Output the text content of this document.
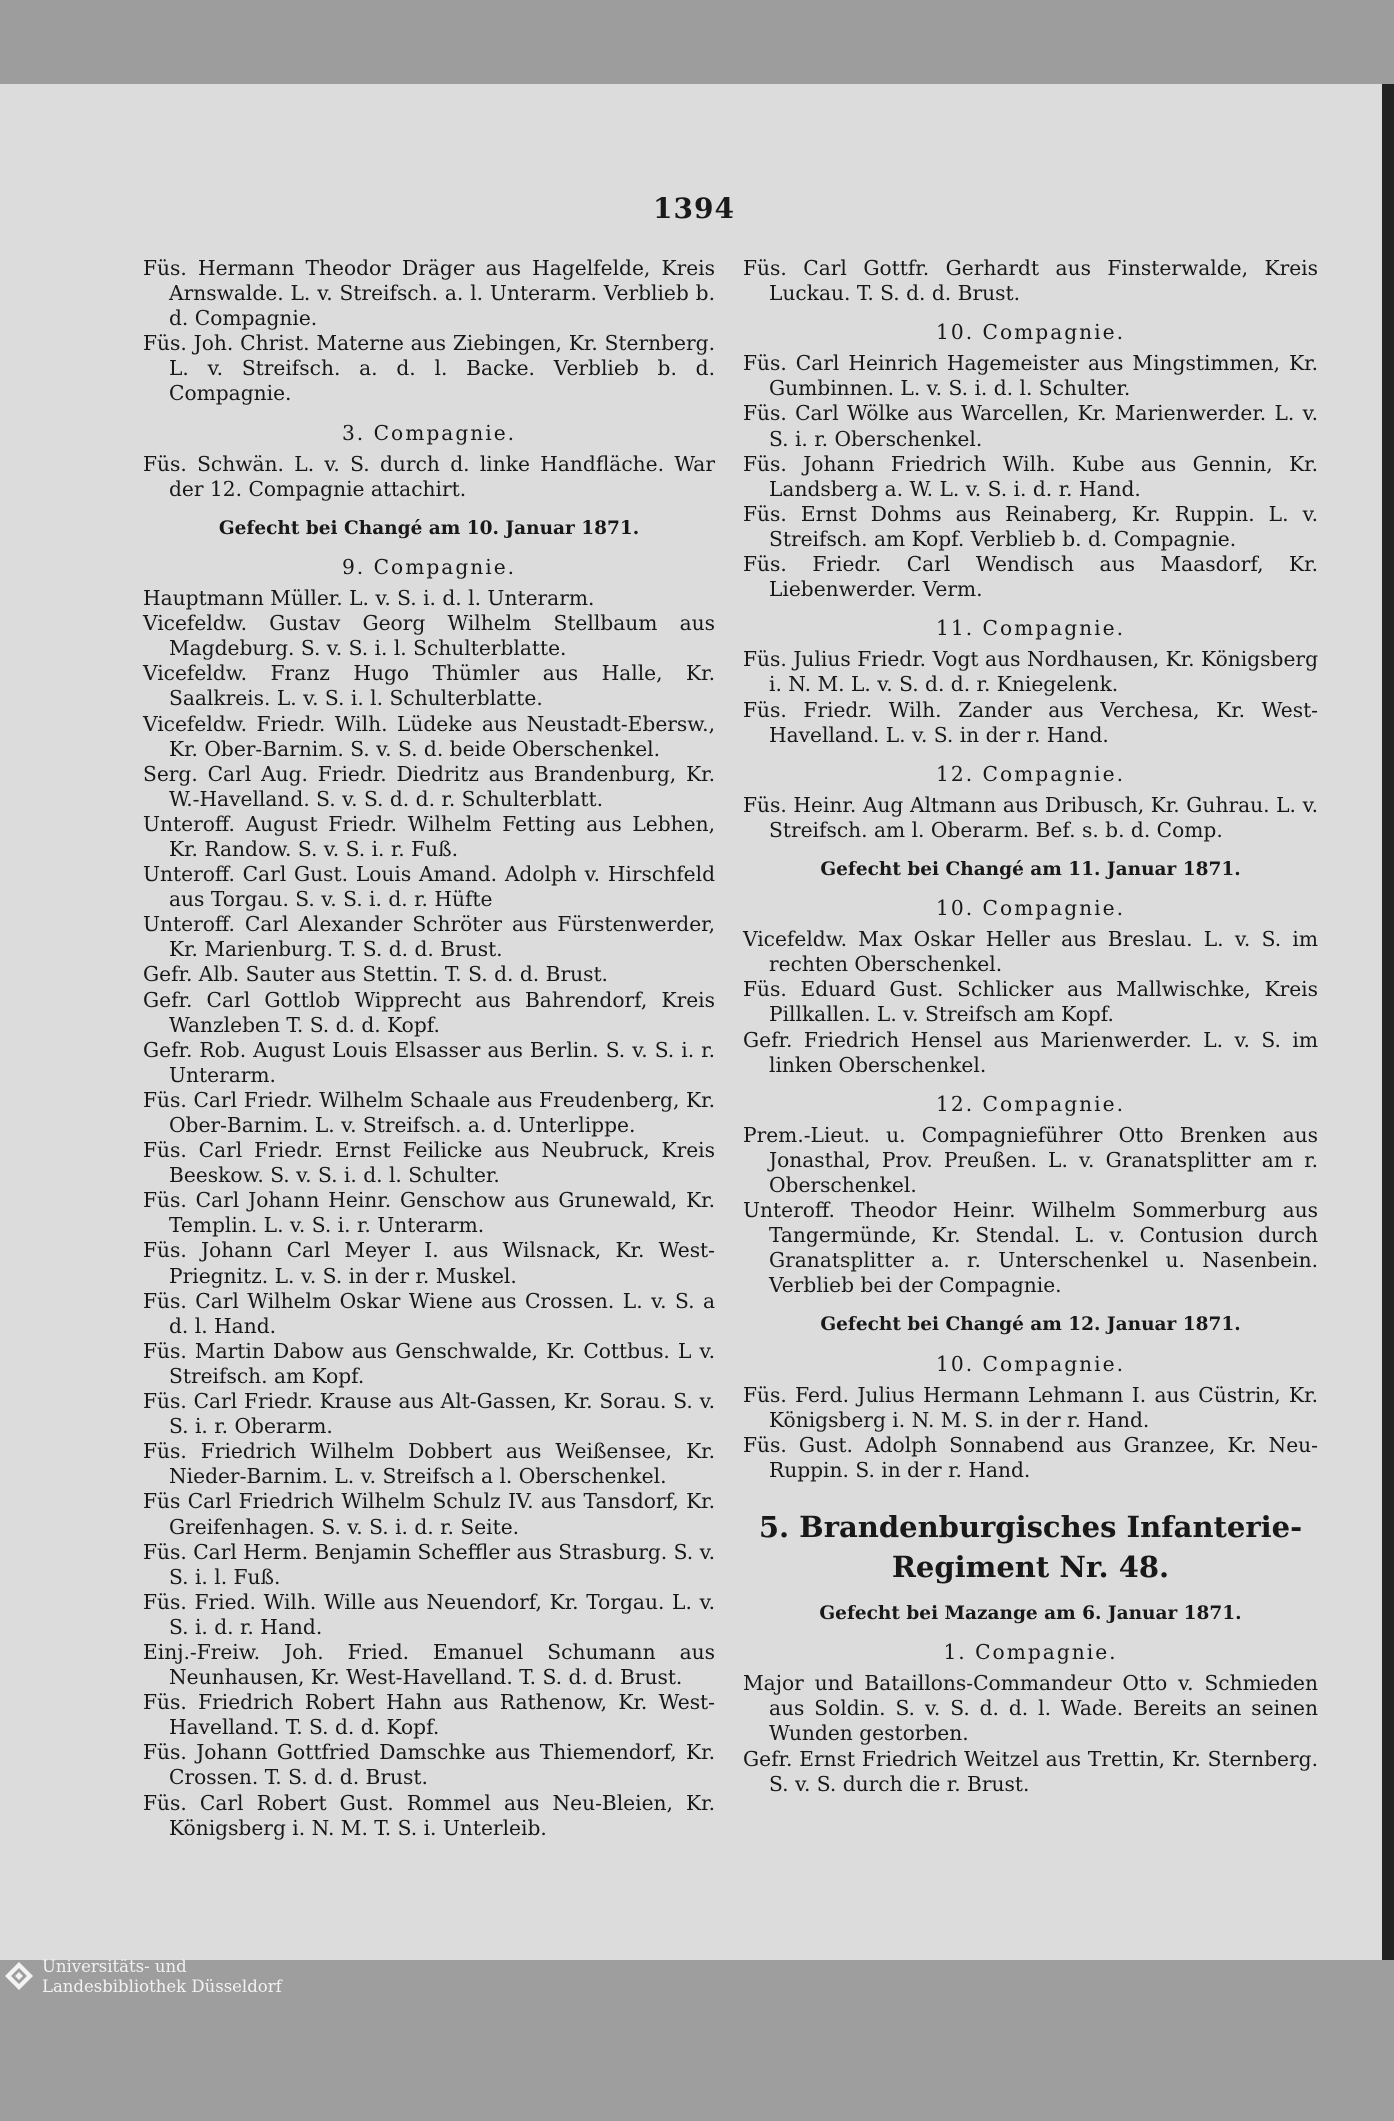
1394
Füs. Hermann Theodor Dräger aus Hagelfelde, Kreis Arnswalde. L. v. Streifsch. a. l. Unterarm. Verblieb b. d. Compagnie.
Füs. Joh. Christ. Materne aus Ziebingen, Kr. Sternberg. L. v. Streifsch. a. d. l. Backe. Verblieb b. d. Compagnie.
3. Compagnie.
Füs. Schwän. L. v. S. durch d. linke Handfläche. War der 12. Compagnie attachirt.
Gefecht bei Changé am 10. Januar 1871.
9. Compagnie.
Hauptmann Müller. L. v. S. i. d. l. Unterarm.
Vicefeldw. Gustav Georg Wilhelm Stellbaum aus Magdeburg. S. v. S. i. l. Schulterblatte.
Vicefeldw. Franz Hugo Thümler aus Halle, Kr. Saalkreis. L. v. S. i. l. Schulterblatte.
Vicefeldw. Friedr. Wilh. Lüdeke aus Neustadt-Ebersw., Kr. Ober-Barnim. S. v. S. d. beide Oberschenkel.
Serg. Carl Aug. Friedr. Diedritz aus Brandenburg, Kr. W.-Havelland. S. v. S. d. d. r. Schulterblatt.
Unteroff. August Friedr. Wilhelm Fetting aus Lebhen, Kr. Randow. S. v. S. i. r. Fuß.
Unteroff. Carl Gust. Louis Amand. Adolph v. Hirschfeld aus Torgau. S. v. S. i. d. r. Hüfte
Unteroff. Carl Alexander Schröter aus Fürstenwerder, Kr. Marienburg. T. S. d. d. Brust.
Gefr. Alb. Sauter aus Stettin. T. S. d. d. Brust.
Gefr. Carl Gottlob Wipprecht aus Bahrendorf, Kreis Wanzleben T. S. d. d. Kopf.
Gefr. Rob. August Louis Elsasser aus Berlin. S. v. S. i. r. Unterarm.
Füs. Carl Friedr. Wilhelm Schaale aus Freudenberg, Kr. Ober-Barnim. L. v. Streifsch. a. d. Unterlippe.
Füs. Carl Friedr. Ernst Feilicke aus Neubruck, Kreis Beeskow. S. v. S. i. d. l. Schulter.
Füs. Carl Johann Heinr. Genschow aus Grunewald, Kr. Templin. L. v. S. i. r. Unterarm.
Füs. Johann Carl Meyer I. aus Wilsnack, Kr. West-Priegnitz. L. v. S. in der r. Muskel.
Füs. Carl Wilhelm Oskar Wiene aus Crossen. L. v. S. a d. l. Hand.
Füs. Martin Dabow aus Genschwalde, Kr. Cottbus. L v. Streifsch. am Kopf.
Füs. Carl Friedr. Krause aus Alt-Gassen, Kr. Sorau. S. v. S. i. r. Oberarm.
Füs. Friedrich Wilhelm Dobbert aus Weißensee, Kr. Nieder-Barnim. L. v. Streifsch a l. Oberschenkel.
Füs Carl Friedrich Wilhelm Schulz IV. aus Tansdorf, Kr. Greifenhagen. S. v. S. i. d. r. Seite.
Füs. Carl Herm. Benjamin Scheffler aus Strasburg. S. v. S. i. l. Fuß.
Füs. Fried. Wilh. Wille aus Neuendorf, Kr. Torgau. L. v. S. i. d. r. Hand.
Einj.-Freiw. Joh. Fried. Emanuel Schumann aus Neunhausen, Kr. West-Havelland. T. S. d. d. Brust.
Füs. Friedrich Robert Hahn aus Rathenow, Kr. West-Havelland. T. S. d. d. Kopf.
Füs. Johann Gottfried Damschke aus Thiemendorf, Kr. Crossen. T. S. d. d. Brust.
Füs. Carl Robert Gust. Rommel aus Neu-Bleien, Kr. Königsberg i. N. M. T. S. i. Unterleib.
Füs. Carl Gottfr. Gerhardt aus Finsterwalde, Kreis Luckau. T. S. d. d. Brust.
10. Compagnie.
Füs. Carl Heinrich Hagemeister aus Mingstimmen, Kr. Gumbinnen. L. v. S. i. d. l. Schulter.
Füs. Carl Wölke aus Warcellen, Kr. Marienwerder. L. v. S. i. r. Oberschenkel.
Füs. Johann Friedrich Wilh. Kube aus Gennin, Kr. Landsberg a. W. L. v. S. i. d. r. Hand.
Füs. Ernst Dohms aus Reinaberg, Kr. Ruppin. L. v. Streifsch. am Kopf. Verblieb b. d. Compagnie.
Füs. Friedr. Carl Wendisch aus Maasdorf, Kr. Liebenwerder. Verm.
11. Compagnie.
Füs. Julius Friedr. Vogt aus Nordhausen, Kr. Königsberg i. N. M. L. v. S. d. d. r. Kniegelenk.
Füs. Friedr. Wilh. Zander aus Verchesa, Kr. West-Havelland. L. v. S. in der r. Hand.
12. Compagnie.
Füs. Heinr. Aug Altmann aus Dribusch, Kr. Guhrau. L. v. Streifsch. am l. Oberarm. Bef. s. b. d. Comp.
Gefecht bei Changé am 11. Januar 1871.
10. Compagnie.
Vicefeldw. Max Oskar Heller aus Breslau. L. v. S. im rechten Oberschenkel.
Füs. Eduard Gust. Schlicker aus Mallwischke, Kreis Pillkallen. L. v. Streifsch am Kopf.
Gefr. Friedrich Hensel aus Marienwerder. L. v. S. im linken Oberschenkel.
12. Compagnie.
Prem.-Lieut. u. Compagnieführer Otto Brenken aus Jonasthal, Prov. Preußen. L. v. Granatsplitter am r. Oberschenkel.
Unteroff. Theodor Heinr. Wilhelm Sommerburg aus Tangermünde, Kr. Stendal. L. v. Contusion durch Granatsplitter a. r. Unterschenkel u. Nasenbein. Verblieb bei der Compagnie.
Gefecht bei Changé am 12. Januar 1871.
10. Compagnie.
Füs. Ferd. Julius Hermann Lehmann I. aus Cüstrin, Kr. Königsberg i. N. M. S. in der r. Hand.
Füs. Gust. Adolph Sonnabend aus Granzee, Kr. Neu-Ruppin. S. in der r. Hand.
5. Brandenburgisches Infanterie-Regiment Nr. 48.
Gefecht bei Mazange am 6. Januar 1871.
1. Compagnie.
Major und Bataillons-Commandeur Otto v. Schmieden aus Soldin. S. v. S. d. d. l. Wade. Bereits an seinen Wunden gestorben.
Gefr. Ernst Friedrich Weitzel aus Trettin, Kr. Sternberg. S. v. S. durch die r. Brust.
Universitäts- und
Landesbibliothek Düsseldorf
